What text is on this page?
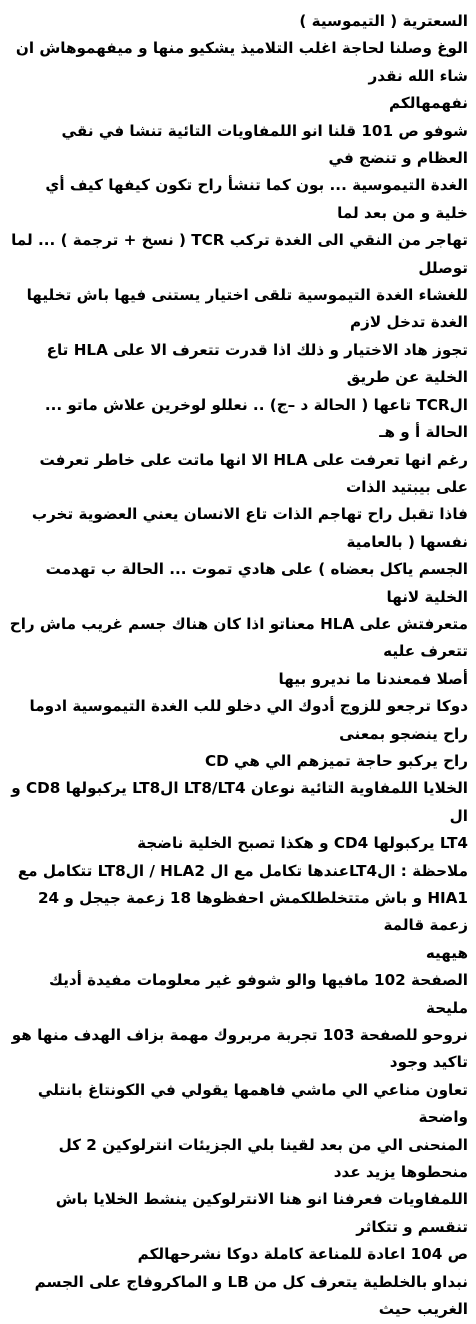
السعترية ( التيموسية )

الوغ وصلنا لحاجة اغلب التلاميذ يشكيو منها و ميفهموهاش ان شاء الله نقدر

نفهمهالكم

شوفو ص 101 قلنا انو اللمفاويات التائية تنشا في نقي العظام و تنضج في

الغدة التيموسية ... بون كما تنشأ راح تكون كيفها كيف أي خلية و من بعد لما

تهاجر من النقي الى الغدة تركب TCR ( نسخ + ترجمة ) ... لما توصلل

للغشاء الغدة التيموسية تلقى اختيار يستنى فيها باش تخليها الغدة تدخل لازم

تجوز هاد الاختيار و ذلك اذا قدرت تتعرف الا على HLA تاع الخلية عن طريق

الTCR تاعها ( الحالة د –ج) .. نعللو لوخرين علاش ماتو ... الحالة أ و هـ

رغم انها تعرفت على HLA الا انها ماتت على خاطر تعرفت على بيبتيد الذات

فاذا تقبل راح تهاجم الذات تاع الانسان يعني العضوية تخرب نفسها ( بالعامية

الجسم ياكل بعضاه ) على هادي تموت ... الحالة ب تهدمت الخلية لانها

متعرفتش على HLA معناتو اذا كان هناك جسم غريب ماش راح تتعرف عليه

أصلا فمعندنا ما نديرو بيها

دوكا ترجعو للزوج أدوك الي دخلو للب الغدة التيموسية ادوما راح ينضجو بمعنى

راح يركبو حاجة تميزهم الي هي CD

الخلايا اللمفاوية التائية نوعان LT8/LT4 الLT8 يركبولها CD8 و ال

LT4 يركبولها CD4 و هكذا تصبح الخلية ناضجة

ملاحظة : الLT4عندها تكامل مع ال HLA2 / الLT8 تتكامل مع

HIA1 و باش متتخلطلكمش احفظوها 18 زعمة جيجل و 24 زعمة قالمة

هيهيه

الصفحة 102 مافيها والو شوفو غير معلومات مفيدة أديك مليحة

نروحو للصفحة 103 تجربة مربروك مهمة بزاف الهدف منها هو تاكيد وجود

تعاون مناعي الي ماشي فاهمها يقولي في الكونتاغ بانتلي واضحة

المنحنى الي من بعد لقينا بلي الجزيئات انترلوكين 2 كل منحطوها يزيد عدد

اللمفاويات فعرفنا انو هنا الانترلوكين ينشط الخلايا باش تنقسم و تتكاثر

ص 104 اعادة للمناعة كاملة دوكا نشرحهالكم

نبداو بالخلطية يتعرف كل من LB و الماكروفاج على الجسم الغريب حيث
